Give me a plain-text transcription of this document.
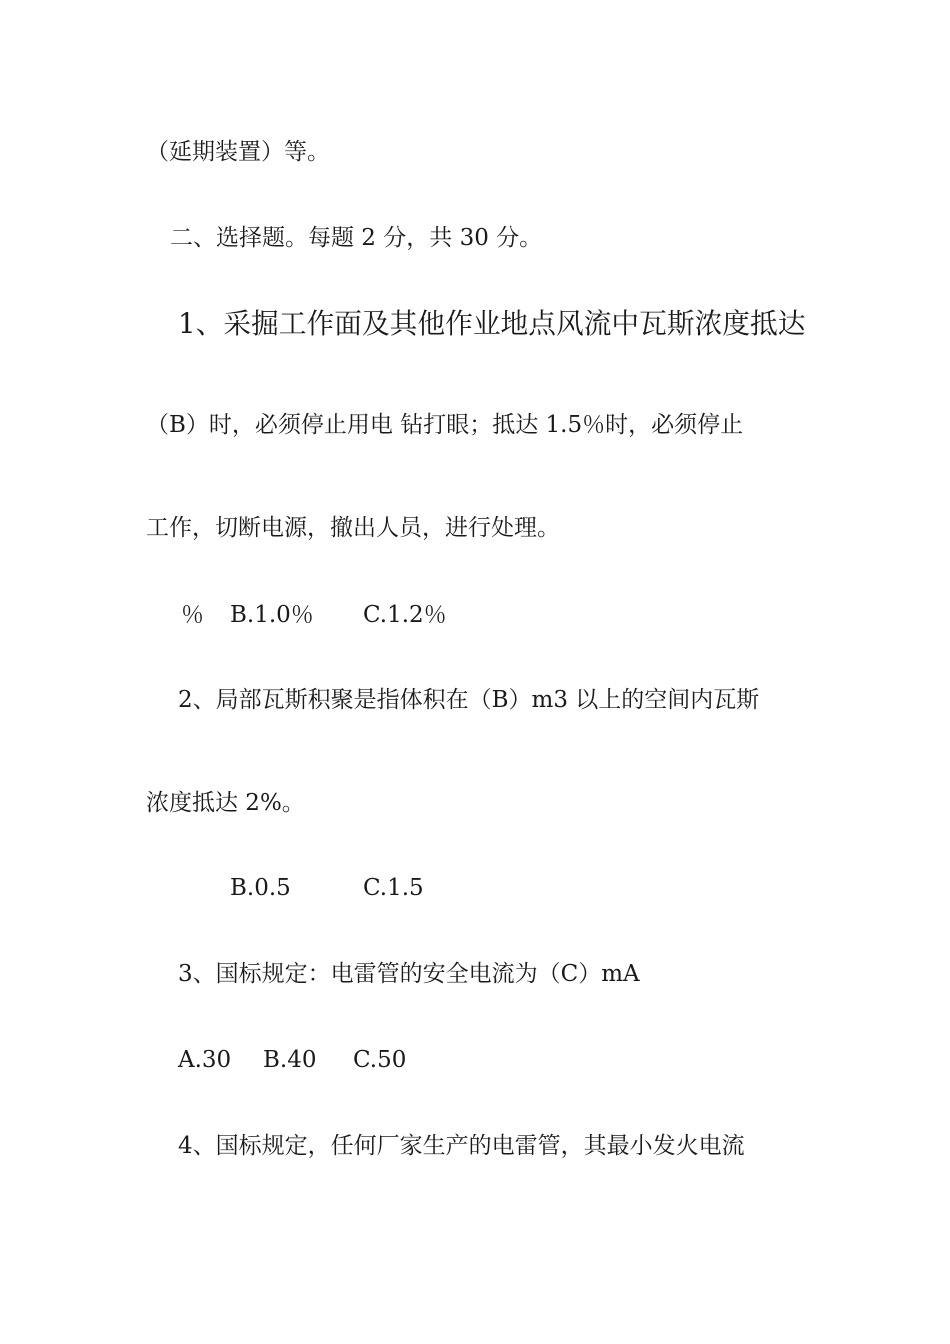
（延期装置）等。
二、选择题。每题 2 分，共 30 分。
1、采掘工作面及其他作业地点风流中瓦斯浓度抵达
（B）时，必须停止用电 钻打眼；抵达 1.5％时，必须停止
工作，切断电源，撤出人员，进行处理。
％ B.1.0％ C.1.2％
2、局部瓦斯积聚是指体积在（B）m3 以上的空间内瓦斯
浓度抵达 2%。
B.0.5	C.1.5
3、国标规定：电雷管的安全电流为（C）mA
A.30 B.40 C.50
4、国标规定，任何厂家生产的电雷管，其最小发火电流
